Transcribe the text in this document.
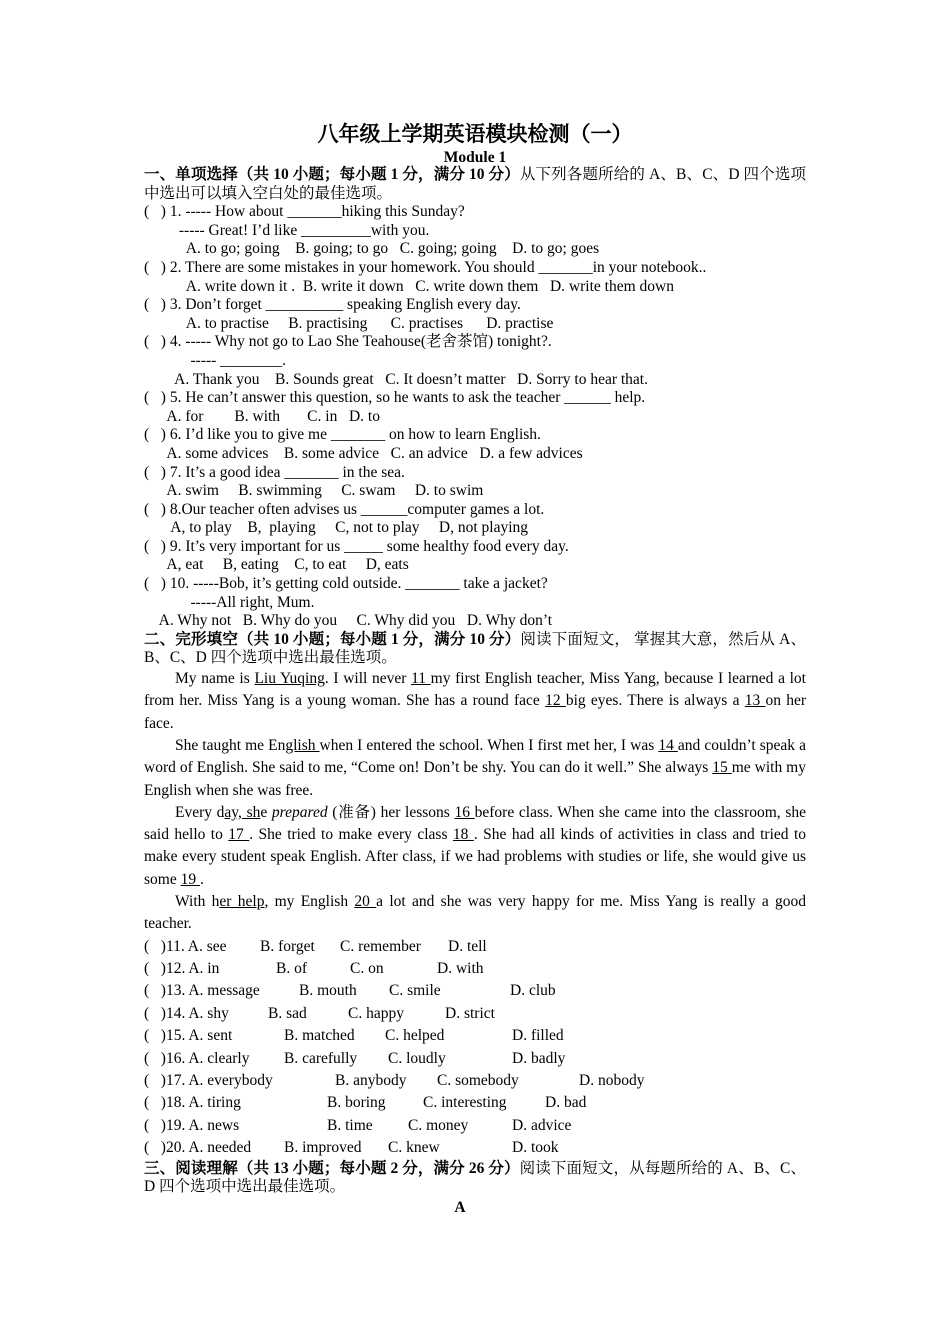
八年级上学期英语模块检测（一）
Module 1
一、单项选择（共 10 小题；每小题 1 分，满分 10 分）从下列各题所给的 A、B、C、D 四个选项中选出可以填入空白处的最佳选项。
(   ) 1. ----- How about _______hiking this Sunday?
----- Great! I’d like _________with you.
A. to go; going    B. going; to go   C. going; going    D. to go; goes
(   ) 2. There are some mistakes in your homework. You should _______in your notebook..
A. write down it .  B. write it down   C. write down them   D. write them down
(   ) 3. Don’t forget __________ speaking English every day.
A. to practise     B. practising      C. practises      D. practise
(   ) 4. ----- Why not go to Lao She Teahouse(老舍茶馆) tonight?.
----- ________.
A. Thank you    B. Sounds great   C. It doesn’t matter   D. Sorry to hear that.
(   ) 5. He can’t answer this question, so he wants to ask the teacher ______ help.
A. for        B. with       C. in   D. to
(   ) 6. I’d like you to give me _______ on how to learn English.
A. some advices    B. some advice   C. an advice   D. a few advices
(   ) 7. It’s a good idea _______ in the sea.
A. swim     B. swimming     C. swam     D. to swim
(   ) 8.Our teacher often advises us ______computer games a lot.
A, to play    B,  playing     C, not to play     D, not playing
(   ) 9. It’s very important for us _____ some healthy food every day.
A, eat     B, eating    C, to eat     D, eats
(   ) 10. -----Bob, it’s getting cold outside. _______ take a jacket?
-----All right, Mum.
A. Why not   B. Why do you     C. Why did you   D. Why don’t
二、完形填空（共 10 小题；每小题 1 分，满分 10 分）阅读下面短文， 掌握其大意，然后从 A、B、C、D 四个选项中选出最佳选项。

My name is Liu Yuqing. I will never 11 my first English teacher, Miss Yang, because I learned a lot from her. Miss Yang is a young woman. She has a round face 12 big eyes. There is always a 13 on her face.

She taught me English when I entered the school. When I first met her, I was 14 and couldn’t speak a word of English. She said to me, “Come on! Don’t be shy. You can do it well.” She always 15 me with my English when she was free.

Every day, she prepared (准备) her lessons 16 before class. When she came into the classroom, she said hello to 17 . She tried to make every class 18 . She had all kinds of activities in class and tried to make every student speak English. After class, if we had problems with studies or life, she would give us some 19 .

With her help, my English 20 a lot and she was very happy for me. Miss Yang is really a good teacher.

(   )11. A. see B. forget C. remember D. tell
(   )12. A. in	B. of	C. on	D. with
(   )13. A. message	B. mouth C. smile	D. club
(   )14. A. shy	B. sad	C. happy	D. strict
(   )15. A. sent	B. matched C. helped	D. filled
(   )16. A. clearly B. carefully C. loudly	D. badly
(   )17. A. everybody	B. anybody C. somebody	D. nobody
(   )18. A. tiring	B. boring C. interesting D. bad
(   )19. A. news	B. time C. money	D. advice
(   )20. A. needed B. improved C. knew	D. took
三、阅读理解（共 13 小题；每小题 2 分，满分 26 分）阅读下面短文，从每题所给的 A、B、C、D 四个选项中选出最佳选项。
A
